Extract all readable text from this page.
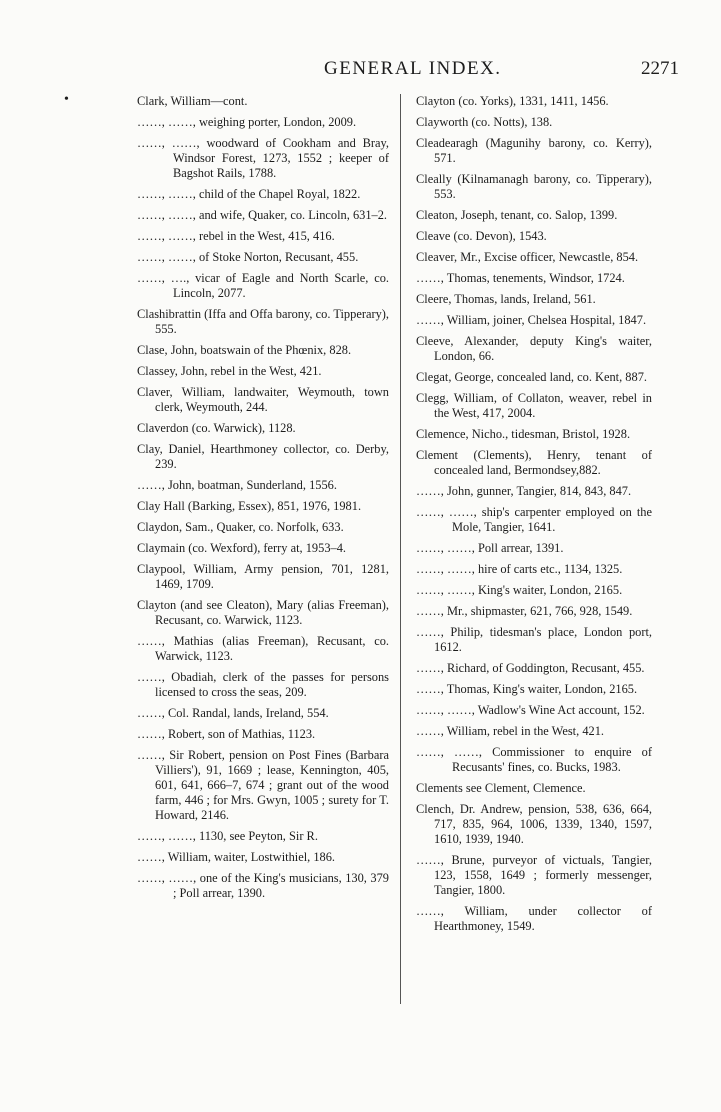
GENERAL INDEX.	2271
•	Clark, William—cont.

……, ……, weighing porter, London, 2009.

……, ……, woodward of Cookham and Bray, Windsor Forest, 1273, 1552 ; keeper of Bagshot Rails, 1788.

……, ……, child of the Chapel Royal, 1822.

……, ……, and wife, Quaker, co. Lincoln, 631–2.

……, ……, rebel in the West, 415, 416.

……, ……, of Stoke Norton, Recusant, 455.

……, …., vicar of Eagle and North Scarle, co. Lincoln, 2077.

Clashibrattin (Iffa and Offa barony, co. Tipperary), 555.

Clase, John, boatswain of the Phœnix, 828.

Classey, John, rebel in the West, 421.

Claver, William, landwaiter, Weymouth, town clerk, Weymouth, 244.

Claverdon (co. Warwick), 1128.

Clay, Daniel, Hearthmoney collector, co. Derby, 239.

……, John, boatman, Sunderland, 1556.

Clay Hall (Barking, Essex), 851, 1976, 1981.

Claydon, Sam., Quaker, co. Norfolk, 633.

Claymain (co. Wexford), ferry at, 1953–4.

Claypool, William, Army pension, 701, 1281, 1469, 1709.

Clayton (and see Cleaton), Mary (alias Freeman), Recusant, co. Warwick, 1123.

……, Mathias (alias Freeman), Recusant, co. Warwick, 1123.

……, Obadiah, clerk of the passes for persons licensed to cross the seas, 209.

……, Col. Randal, lands, Ireland, 554.

……, Robert, son of Mathias, 1123.

……, Sir Robert, pension on Post Fines (Barbara Villiers'), 91, 1669 ; lease, Kennington, 405, 601, 641, 666–7, 674 ; grant out of the wood farm, 446 ; for Mrs. Gwyn, 1005 ; surety for T. Howard, 2146.

……, ……, 1130, see Peyton, Sir R.

……, William, waiter, Lostwithiel, 186.

……, ……, one of the King's musicians, 130, 379 ; Poll arrear, 1390.

Clayton (co. Yorks), 1331, 1411, 1456.

Clayworth (co. Notts), 138.

Cleadearagh (Magunihy barony, co. Kerry), 571.

Cleally (Kilnamanagh barony, co. Tipperary), 553.

Cleaton, Joseph, tenant, co. Salop, 1399.

Cleave (co. Devon), 1543.

Cleaver, Mr., Excise officer, Newcastle, 854.

……, Thomas, tenements, Windsor, 1724.

Cleere, Thomas, lands, Ireland, 561.

……, William, joiner, Chelsea Hospital, 1847.

Cleeve, Alexander, deputy King's waiter, London, 66.

Clegat, George, concealed land, co. Kent, 887.

Clegg, William, of Collaton, weaver, rebel in the West, 417, 2004.

Clemence, Nicho., tidesman, Bristol, 1928.

Clement (Clements), Henry, tenant of concealed land, Bermondsey,882.

……, John, gunner, Tangier, 814, 843, 847.

……, ……, ship's carpenter employed on the Mole, Tangier, 1641.

……, ……, Poll arrear, 1391.

……, ……, hire of carts etc., 1134, 1325.

……, ……, King's waiter, London, 2165.

……, Mr., shipmaster, 621, 766, 928, 1549.

……, Philip, tidesman's place, London port, 1612.

……, Richard, of Goddington, Recusant, 455.

……, Thomas, King's waiter, London, 2165.

……, ……, Wadlow's Wine Act account, 152.

……, William, rebel in the West, 421.

……, ……, Commissioner to enquire of Recusants' fines, co. Bucks, 1983.

Clements see Clement, Clemence.

Clench, Dr. Andrew, pension, 538, 636, 664, 717, 835, 964, 1006, 1339, 1340, 1597, 1610, 1939, 1940.

……, Brune, purveyor of victuals, Tangier, 123, 1558, 1649 ; formerly messenger, Tangier, 1800.

……, William, under collector of Hearthmoney, 1549.
